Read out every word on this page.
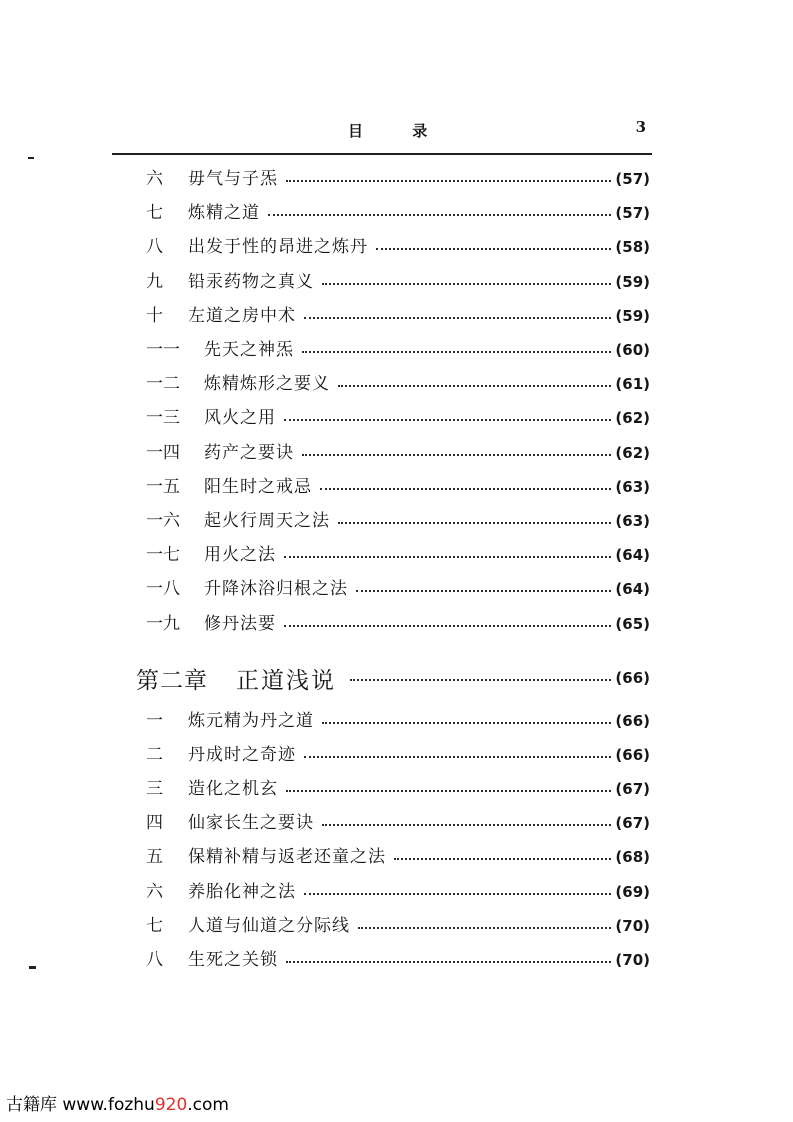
目 录	3
六	毋气与子炁	(57)
七	炼精之道	(57)
八	出发于性的昂进之炼丹	(58)
九	铅汞药物之真义	(59)
十	左道之房中术	(59)
一一	先天之神炁	(60)
一二	炼精炼形之要义	(61)
一三	风火之用	(62)
一四	药产之要诀	(62)
一五	阳生时之戒忌	(63)
一六	起火行周天之法	(63)
一七	用火之法	(64)
一八	升降沐浴归根之法	(64)
一九	修丹法要	(65)
第二章 正道浅说	(66)
一	炼元精为丹之道	(66)
二	丹成时之奇迹	(66)
三	造化之机玄	(67)
四	仙家长生之要诀	(67)
五	保精补精与返老还童之法	(68)
六	养胎化神之法	(69)
七	人道与仙道之分际线	(70)
八	生死之关锁	(70)
古籍库 www.fozhu920.com
